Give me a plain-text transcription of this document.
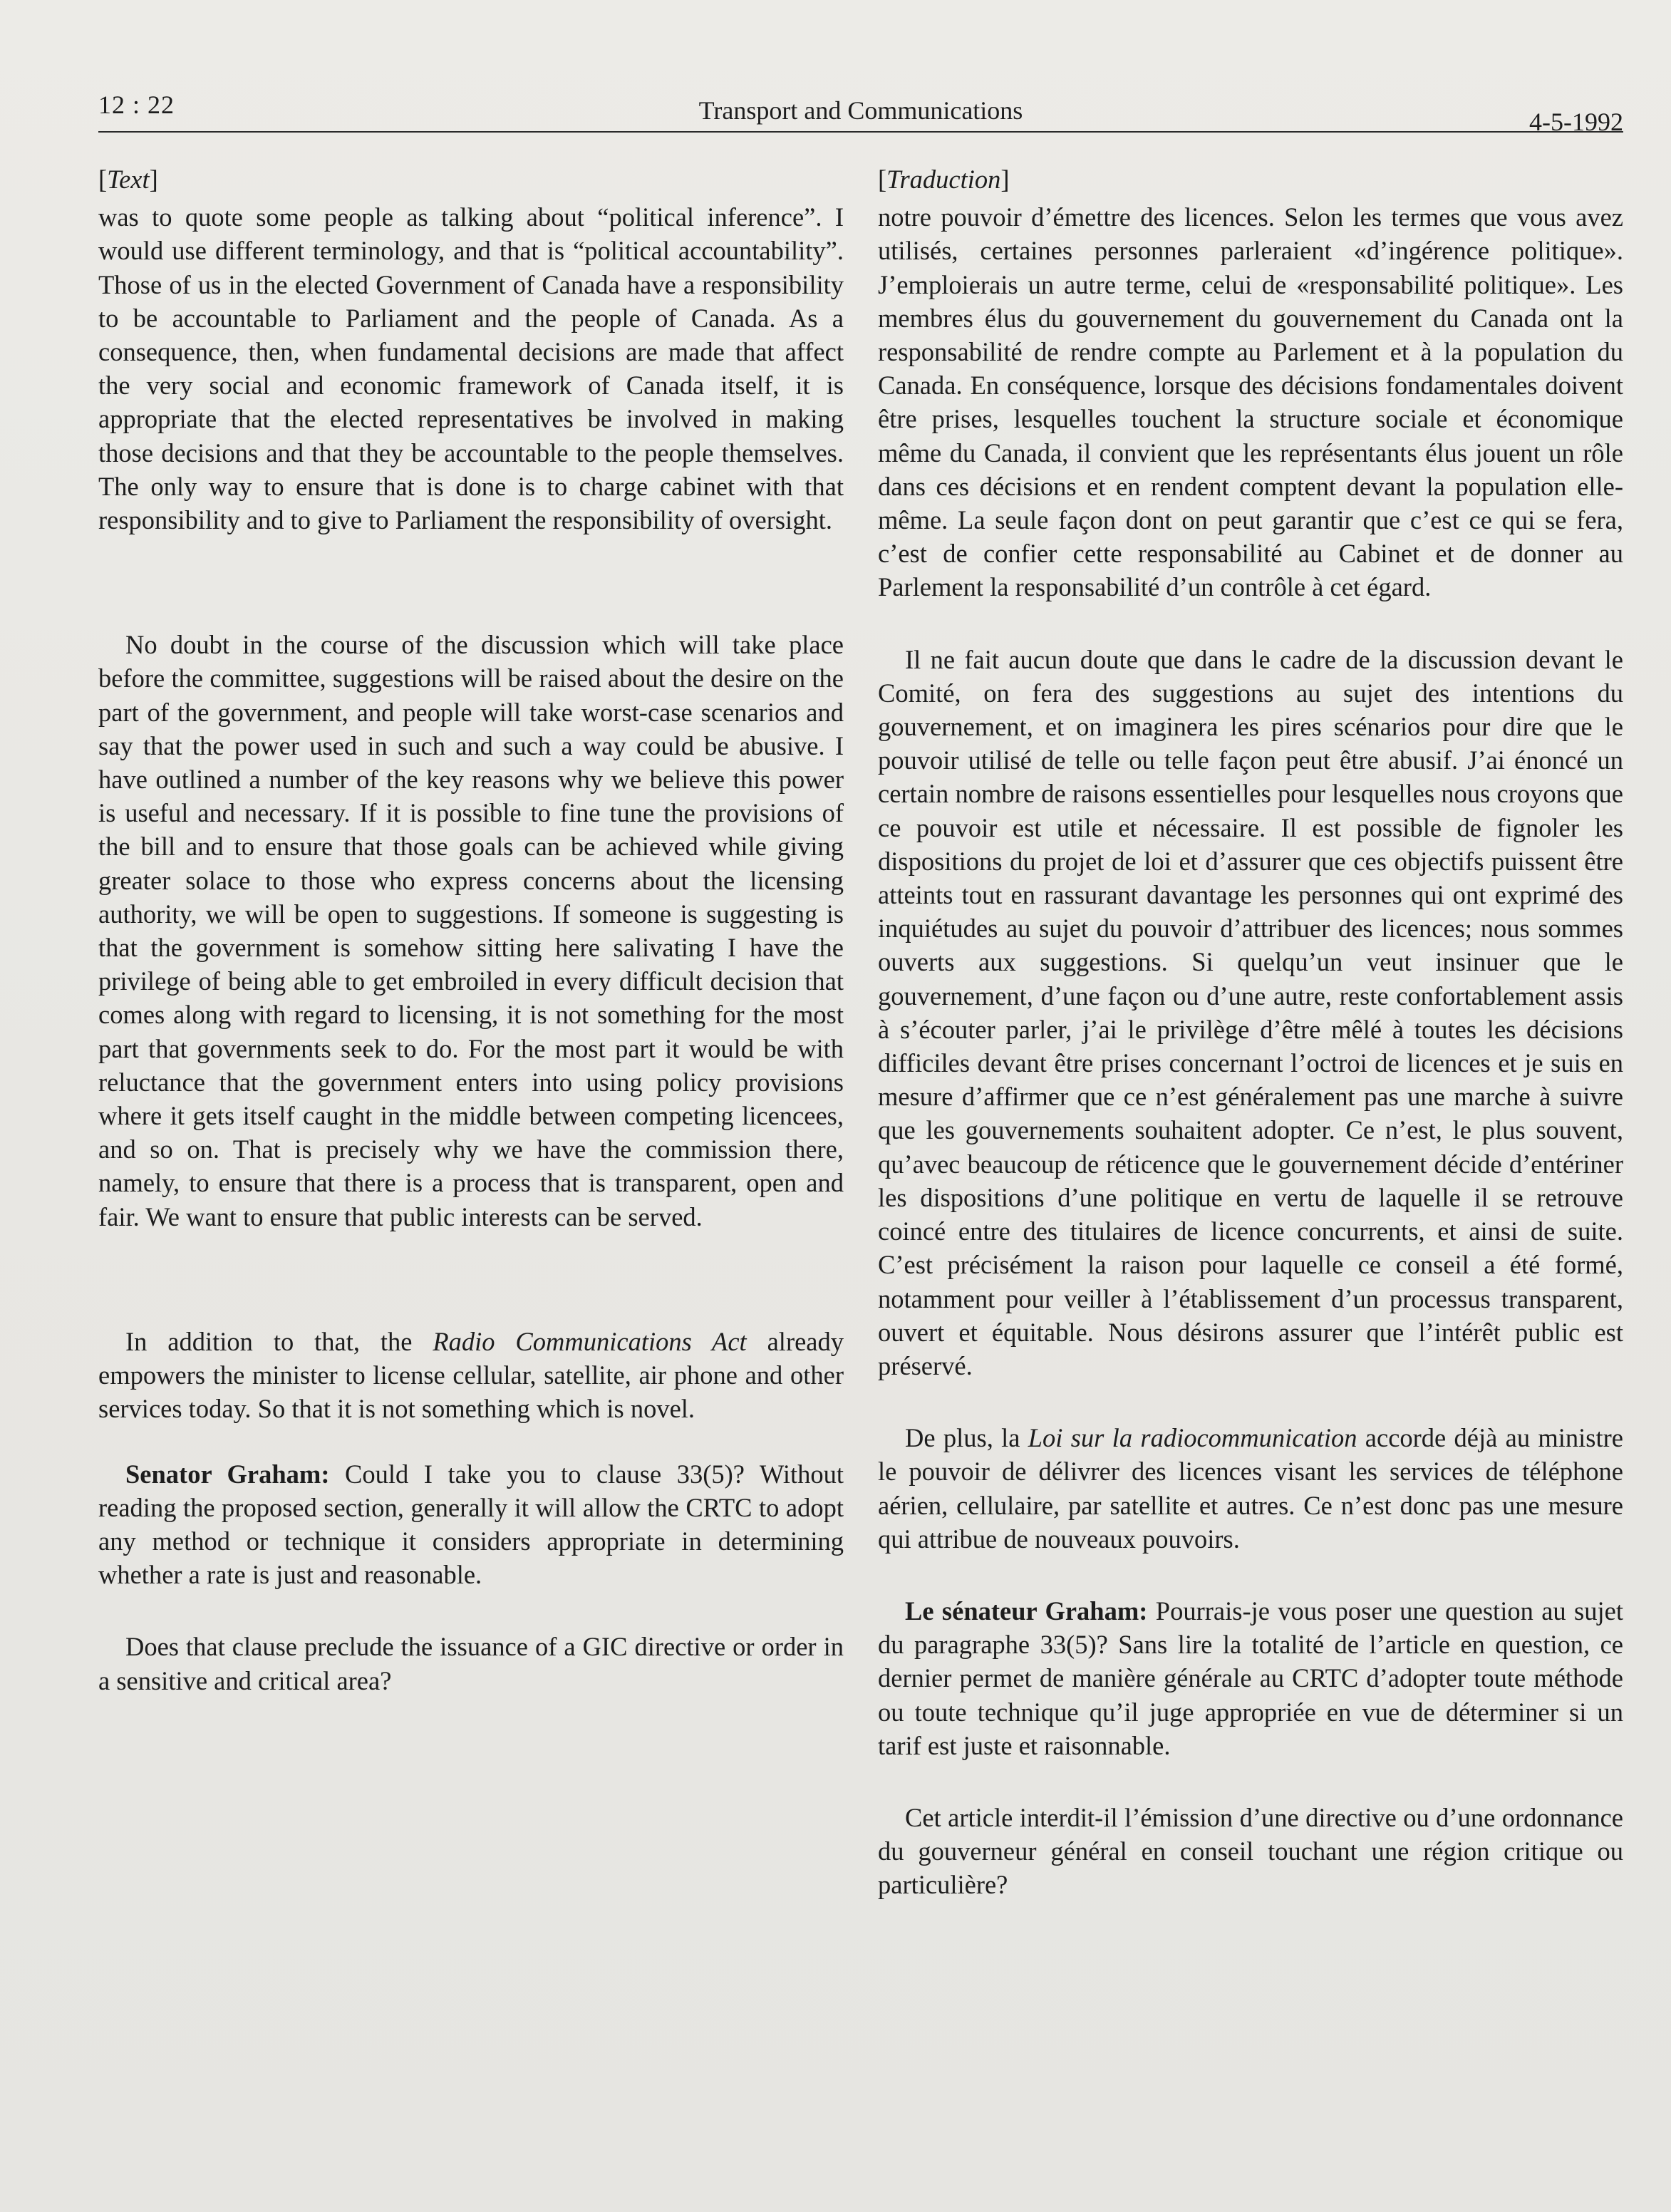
12 : 22	Transport and Communications	4-5-1992
[Text]

was to quote some people as talking about “political inference”. I would use different terminology, and that is “political accountability”. Those of us in the elected Government of Canada have a responsibility to be accountable to Parliament and the people of Canada. As a consequence, then, when fundamental decisions are made that affect the very social and economic framework of Canada itself, it is appropriate that the elected representatives be involved in making those decisions and that they be accountable to the people themselves. The only way to ensure that is done is to charge cabinet with that responsibility and to give to Parliament the responsibility of oversight.

No doubt in the course of the discussion which will take place before the committee, suggestions will be raised about the desire on the part of the government, and people will take worst-case scenarios and say that the power used in such and such a way could be abusive. I have outlined a number of the key reasons why we believe this power is useful and necessary. If it is possible to fine tune the provisions of the bill and to ensure that those goals can be achieved while giving greater solace to those who express concerns about the licensing authority, we will be open to suggestions. If someone is suggesting is that the government is somehow sitting here salivating I have the privilege of being able to get embroiled in every difficult decision that comes along with regard to licensing, it is not something for the most part that governments seek to do. For the most part it would be with reluctance that the government enters into using policy provisions where it gets itself caught in the middle between competing licencees, and so on. That is precisely why we have the commission there, namely, to ensure that there is a process that is transparent, open and fair. We want to ensure that public interests can be served.

In addition to that, the Radio Communications Act already empowers the minister to license cellular, satellite, air phone and other services today. So that it is not something which is novel.

Senator Graham: Could I take you to clause 33(5)? Without reading the proposed section, generally it will allow the CRTC to adopt any method or technique it considers appropriate in determining whether a rate is just and reasonable.

Does that clause preclude the issuance of a GIC directive or order in a sensitive and critical area?

[Traduction]

notre pouvoir d’émettre des licences. Selon les termes que vous avez utilisés, certaines personnes parleraient «d’ingérence politique». J’emploierais un autre terme, celui de «responsabilité politique». Les membres élus du gouvernement du gouvernement du Canada ont la responsabilité de rendre compte au Parlement et à la population du Canada. En conséquence, lorsque des décisions fondamentales doivent être prises, lesquelles touchent la structure sociale et économique même du Canada, il convient que les représentants élus jouent un rôle dans ces décisions et en rendent comptent devant la population elle-même. La seule façon dont on peut garantir que c’est ce qui se fera, c’est de confier cette responsabilité au Cabinet et de donner au Parlement la responsabilité d’un contrôle à cet égard.

Il ne fait aucun doute que dans le cadre de la discussion devant le Comité, on fera des suggestions au sujet des intentions du gouvernement, et on imaginera les pires scénarios pour dire que le pouvoir utilisé de telle ou telle façon peut être abusif. J’ai énoncé un certain nombre de raisons essentielles pour lesquelles nous croyons que ce pouvoir est utile et nécessaire. Il est possible de fignoler les dispositions du projet de loi et d’assurer que ces objectifs puissent être atteints tout en rassurant davantage les personnes qui ont exprimé des inquiétudes au sujet du pouvoir d’attribuer des licences; nous sommes ouverts aux suggestions. Si quelqu’un veut insinuer que le gouvernement, d’une façon ou d’une autre, reste confortablement assis à s’écouter parler, j’ai le privilège d’être mêlé à toutes les décisions difficiles devant être prises concernant l’octroi de licences et je suis en mesure d’affirmer que ce n’est généralement pas une marche à suivre que les gouvernements souhaitent adopter. Ce n’est, le plus souvent, qu’avec beaucoup de réticence que le gouvernement décide d’entériner les dispositions d’une politique en vertu de laquelle il se retrouve coincé entre des titulaires de licence concurrents, et ainsi de suite. C’est précisément la raison pour laquelle ce conseil a été formé, notamment pour veiller à l’établissement d’un processus transparent, ouvert et équitable. Nous désirons assurer que l’intérêt public est préservé.

De plus, la Loi sur la radiocommunication accorde déjà au ministre le pouvoir de délivrer des licences visant les services de téléphone aérien, cellulaire, par satellite et autres. Ce n’est donc pas une mesure qui attribue de nouveaux pouvoirs.

Le sénateur Graham: Pourrais-je vous poser une question au sujet du paragraphe 33(5)? Sans lire la totalité de l’article en question, ce dernier permet de manière générale au CRTC d’adopter toute méthode ou toute technique qu’il juge appropriée en vue de déterminer si un tarif est juste et raisonnable.

Cet article interdit-il l’émission d’une directive ou d’une ordonnance du gouverneur général en conseil touchant une région critique ou particulière?
